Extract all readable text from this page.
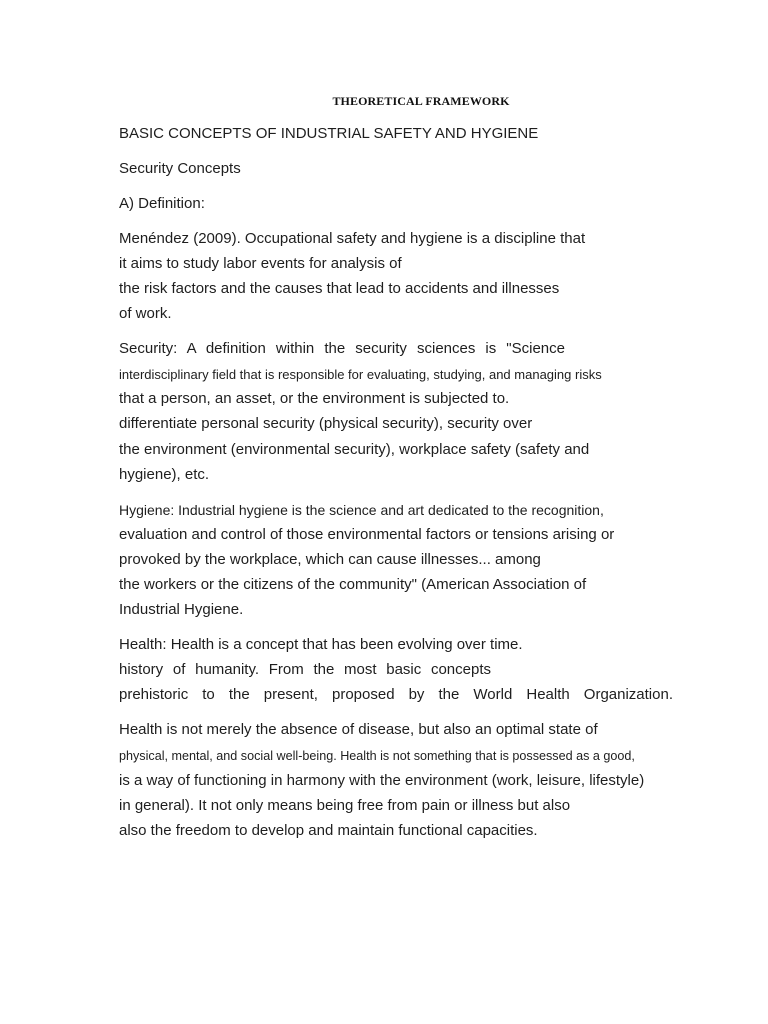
THEORETICAL FRAMEWORK
BASIC CONCEPTS OF INDUSTRIAL SAFETY AND HYGIENE
Security Concepts
A) Definition:
Menéndez (2009). Occupational safety and hygiene is a discipline that
it aims to study labor events for analysis of
the risk factors and the causes that lead to accidents and illnesses
of work.
Security: A definition within the security sciences is "Science
interdisciplinary field that is responsible for evaluating, studying, and managing risks
that a person, an asset, or the environment is subjected to.
differentiate personal security (physical security), security over
the environment (environmental security), workplace safety (safety and
hygiene), etc.
Hygiene: Industrial hygiene is the science and art dedicated to the recognition,
evaluation and control of those environmental factors or tensions arising or
provoked by the workplace, which can cause illnesses... among
the workers or the citizens of the community" (American Association of
Industrial Hygiene.
Health: Health is a concept that has been evolving over time.
history of humanity. From the most basic concepts
prehistoric to the present, proposed by the World Health Organization.
Health is not merely the absence of disease, but also an optimal state of
physical, mental, and social well-being. Health is not something that is possessed as a good,
is a way of functioning in harmony with the environment (work, leisure, lifestyle)
in general). It not only means being free from pain or illness but also
also the freedom to develop and maintain functional capacities.
